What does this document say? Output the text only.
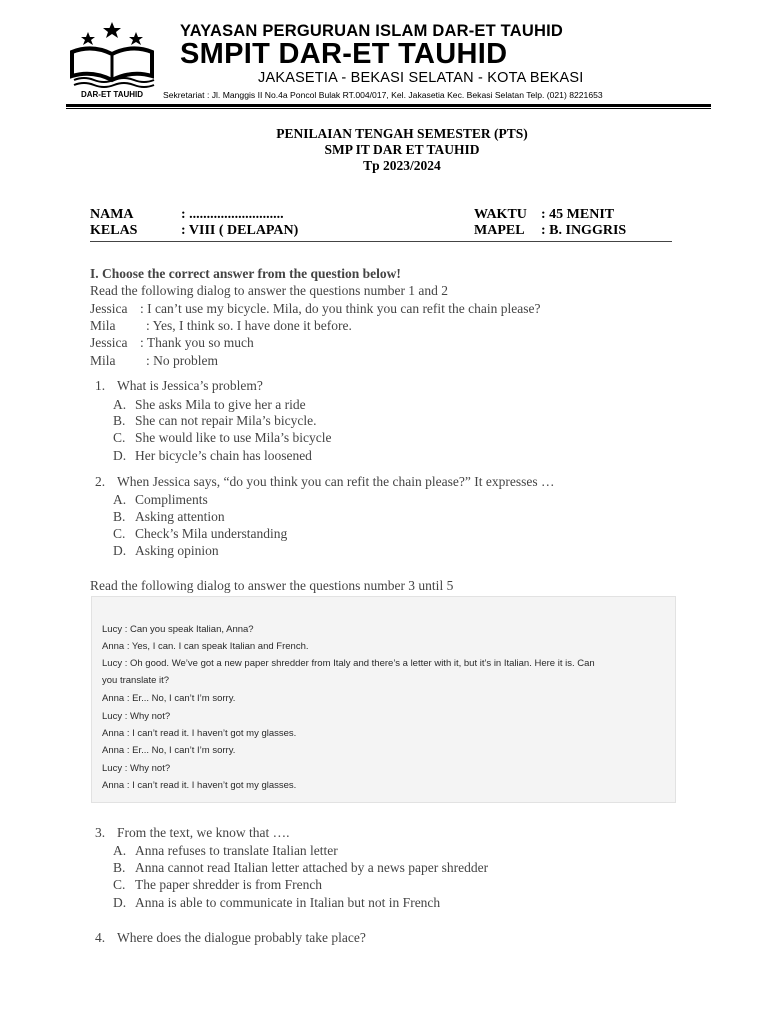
DAR-ET TAUHID
YAYASAN PERGURUAN ISLAM DAR-ET TAUHID
SMPIT DAR-ET TAUHID
JAKASETIA - BEKASI SELATAN - KOTA BEKASI
Sekretariat : Jl. Manggis II No.4a Poncol Bulak RT.004/017, Kel. Jakasetia Kec. Bekasi Selatan Telp. (021) 8221653
PENILAIAN TENGAH SEMESTER (PTS)
SMP IT DAR ET TAUHID
Tp 2023/2024
NAMA	: ...........................
KELAS	: VIII ( DELAPAN)
WAKTU : 45 MENIT
MAPEL : B. INGGRIS
I. Choose the correct answer from the question below!
Read the following dialog to answer the questions number 1 and 2
Jessica : I can’t use my bicycle. Mila, do you think you can refit the chain please?
Mila : Yes, I think so. I have done it before.
Jessica : Thank you so much
Mila : No problem
1. What is Jessica’s problem?
A. She asks Mila to give her a ride
B. She can not repair Mila’s bicycle.
C. She would like to use Mila’s bicycle
D. Her bicycle’s chain has loosened
2. When Jessica says, “do you think you can refit the chain please?” It expresses …
A. Compliments
B. Asking attention
C. Check’s Mila understanding
D. Asking opinion
Read the following dialog to answer the questions number 3 until 5
Lucy : Can you speak Italian, Anna?
Anna : Yes, I can. I can speak Italian and French.
Lucy : Oh good. We’ve got a new paper shredder from Italy and there’s a letter with it, but it’s in Italian. Here it is. Can
you translate it?
Anna : Er... No, I can’t I’m sorry.
Lucy : Why not?
Anna : I can’t read it. I haven’t got my glasses.
Anna : Er... No, I can’t I’m sorry.
Lucy : Why not?
Anna : I can’t read it. I haven’t got my glasses.
3. From the text, we know that ….
A. Anna refuses to translate Italian letter
B. Anna cannot read Italian letter attached by a news paper shredder
C. The paper shredder is from French
D. Anna is able to communicate in Italian but not in French
4. Where does the dialogue probably take place?
